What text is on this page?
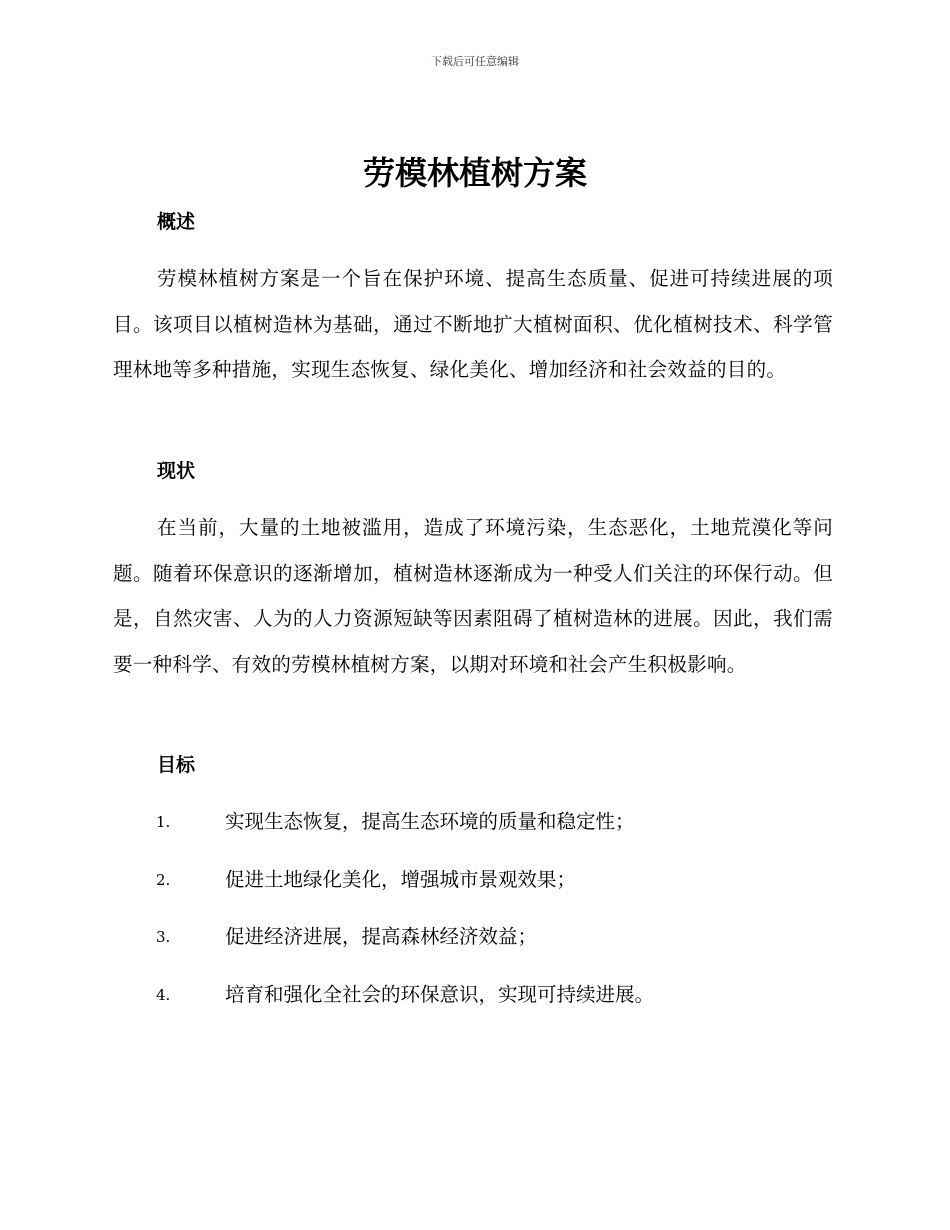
下载后可任意编辑
劳模林植树方案
概述

劳模林植树方案是一个旨在保护环境、提高生态质量、促进可持续进展的项目。该项目以植树造林为基础，通过不断地扩大植树面积、优化植树技术、科学管理林地等多种措施，实现生态恢复、绿化美化、增加经济和社会效益的目的。

现状

在当前，大量的土地被滥用，造成了环境污染，生态恶化，土地荒漠化等问题。随着环保意识的逐渐增加，植树造林逐渐成为一种受人们关注的环保行动。但是，自然灾害、人为的人力资源短缺等因素阻碍了植树造林的进展。因此，我们需要一种科学、有效的劳模林植树方案，以期对环境和社会产生积极影响。

目标
1.	实现生态恢复，提高生态环境的质量和稳定性；
2.	促进土地绿化美化，增强城市景观效果；
3.	促进经济进展，提高森林经济效益；
4.	培育和强化全社会的环保意识，实现可持续进展。
